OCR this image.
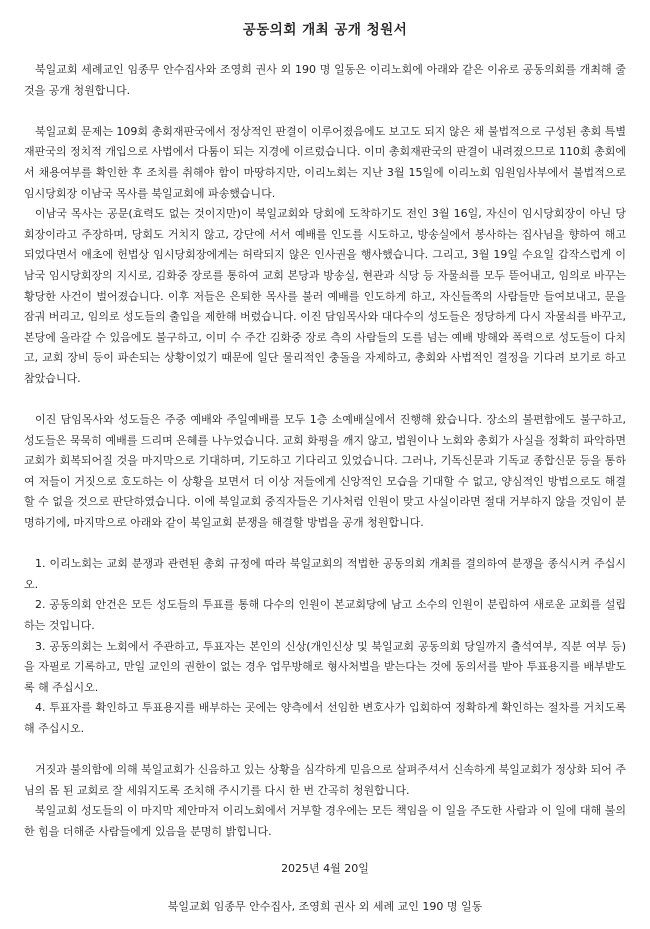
공동의회 개최 공개 청원서

북일교회 세례교인 임종무 안수집사와 조영희 권사 외 190 명 일동은 이리노회에 아래와 같은 이유로 공동의회를 개최해 줄 것을 공개 청원합니다.

북일교회 문제는 109회 총회재판국에서 정상적인 판결이 이루어졌음에도 보고도 되지 않은 채 불법적으로 구성된 총회 특별재판국의 정치적 개입으로 사법에서 다툼이 되는 지경에 이르렀습니다. 이미 총회재판국의 판결이 내려졌으므로 110회 총회에서 채용여부를 확인한 후 조치를 취해야 함이 마땅하지만, 이리노회는 지난 3월 15일에 이리노회 임원임사부에서 불법적으로 임시당회장 이남국 목사를 북일교회에 파송했습니다.

이남국 목사는 공문(효력도 없는 것이지만)이 북일교회와 당회에 도착하기도 전인 3월 16일, 자신이 임시당회장이 아닌 당회장이라고 주장하며, 당회도 거치지 않고, 강단에 서서 예배를 인도를 시도하고, 방송실에서 봉사하는 집사님을 향하여 해고 되었다면서 애초에 헌법상 임시당회장에게는 허락되지 않은 인사권을 행사했습니다. 그리고, 3월 19일 수요일 갑작스럽게 이남국 임시당회장의 지시로, 김화중 장로를 통하여 교회 본당과 방송실, 현관과 식당 등 자물쇠를 모두 뜯어내고, 임의로 바꾸는 황당한 사건이 벌어졌습니다. 이후 저들은 은퇴한 목사를 불러 예배를 인도하게 하고, 자신들쪽의 사람들만 들여보내고, 문을 잠궈 버리고, 임의로 성도들의 출입을 제한해 버렸습니다. 이진 담임목사와 대다수의 성도들은 정당하게 다시 자물쇠를 바꾸고, 본당에 올라갈 수 있음에도 불구하고, 이미 수 주간 김화중 장로 측의 사람들의 도를 넘는 예배 방해와 폭력으로 성도들이 다치고, 교회 장비 등이 파손되는 상황이었기 때문에 일단 물리적인 충돌을 자제하고, 총회와 사법적인 결정을 기다려 보기로 하고 참았습니다.

이진 담임목사와 성도들은 주중 예배와 주일예배를 모두 1층 소예배실에서 진행해 왔습니다. 장소의 불편함에도 불구하고, 성도들은 묵묵히 예배를 드리며 은혜를 나누었습니다. 교회 화평을 깨지 않고, 법원이나 노회와 총회가 사실을 정확히 파악하면 교회가 회복되어질 것을 마지막으로 기대하며, 기도하고 기다리고 있었습니다. 그러나, 기독신문과 기독교 종합신문 등을 통하여 저들이 거짓으로 호도하는 이 상황을 보면서 더 이상 저들에게 신앙적인 모습을 기대할 수 없고, 양심적인 방법으로도 해결할 수 없을 것으로 판단하였습니다. 이에 북일교회 중직자들은 기사처럼 인원이 맞고 사실이라면 절대 거부하지 않을 것임이 분명하기에, 마지막으로 아래와 같이 북일교회 분쟁을 해결할 방법을 공개 청원합니다.

1. 이리노회는 교회 분쟁과 관련된 총회 규정에 따라 북일교회의 적법한 공동의회 개최를 결의하여 분쟁을 종식시켜 주십시오.

2. 공동의회 안건은 모든 성도들의 투표를 통해 다수의 인원이 본교회당에 남고 소수의 인원이 분립하여 새로운 교회를 설립하는 것입니다.

3. 공동의회는 노회에서 주관하고, 투표자는 본인의 신상(개인신상 및 북일교회 공동의회 당일까지 출석여부, 직분 여부 등)을 자필로 기록하고, 만일 교인의 권한이 없는 경우 업무방해로 형사처벌을 받는다는 것에 동의서를 받아 투표용지를 배부받도록 해 주십시오.

4. 투표자를 확인하고 투표용지를 배부하는 곳에는 양측에서 선임한 변호사가 입회하여 정확하게 확인하는 절차를 거치도록 해 주십시오.

거짓과 불의함에 의해 북일교회가 신음하고 있는 상황을 심각하게 믿음으로 살펴주셔서 신속하게 북일교회가 정상화 되어 주님의 몸 된 교회로 잘 세워지도록 조치해 주시기를 다시 한 번 간곡히 청원합니다.

북일교회 성도들의 이 마지막 제안마저 이리노회에서 거부할 경우에는 모든 책임을 이 일을 주도한 사람과 이 일에 대해 불의한 힘을 더해준 사람들에게 있음을 분명히 밝힙니다.

2025년 4월 20일
북일교회 임종무 안수집사, 조영희 권사 외 세례 교인 190 명 일동
